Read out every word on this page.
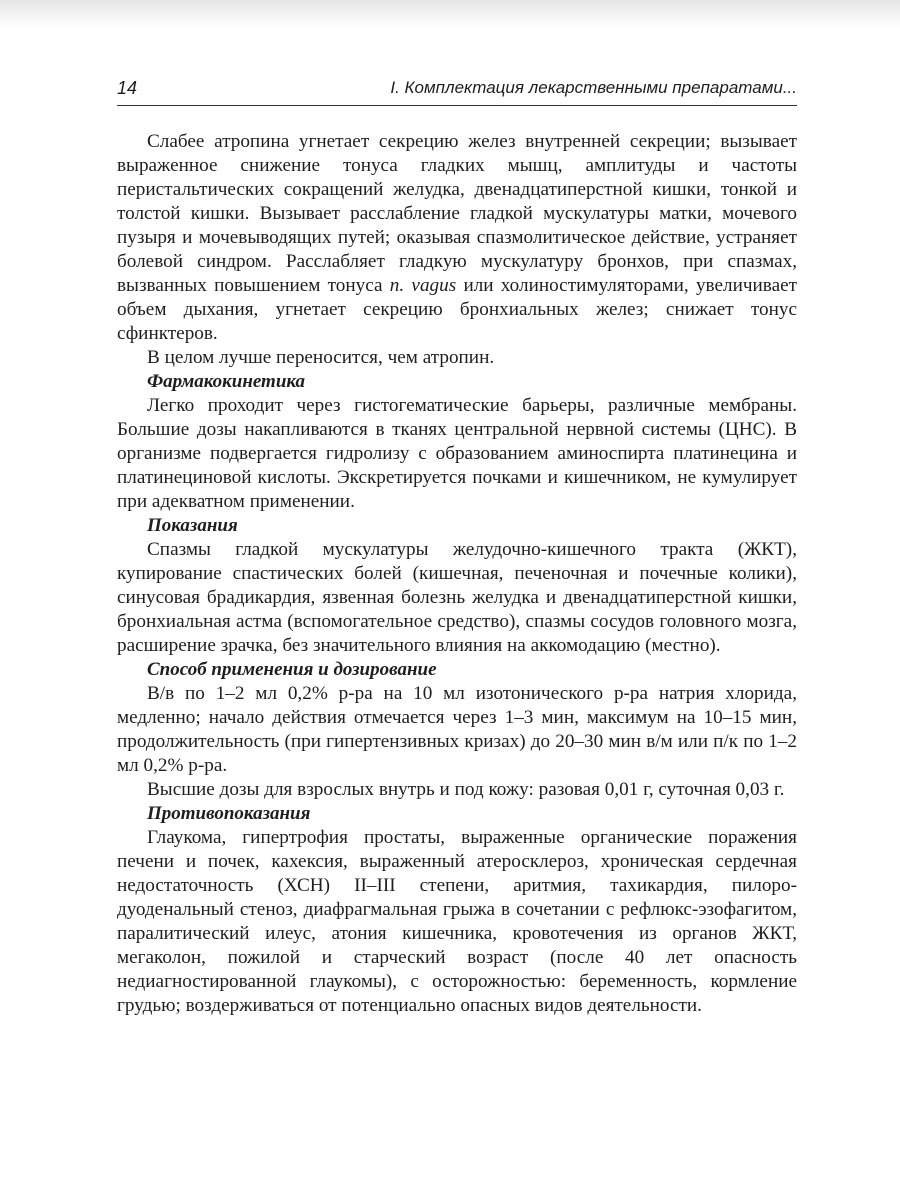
14	I. Комплектация лекарственными препаратами...

Слабее атропина угнетает секрецию желез внутренней секреции; вызывает выраженное снижение тонуса гладких мышц, амплитуды и частоты перистальтических сокращений желудка, двенадцатиперстной кишки, тонкой и толстой кишки. Вызывает расслабление гладкой мускулатуры матки, мочевого пузыря и мочевыводящих путей; оказывая спазмолитическое действие, устраняет болевой синдром. Расслабляет гладкую мускулатуру бронхов, при спазмах, вызванных повышением тонуса n. vagus или холиностимуляторами, увеличивает объем дыхания, угнетает секрецию бронхиальных желез; снижает тонус сфинктеров.

В целом лучше переносится, чем атропин.

Фармакокинетика

Легко проходит через гистогематические барьеры, различные мембраны. Большие дозы накапливаются в тканях центральной нервной системы (ЦНС). В организме подвергается гидролизу с образованием аминоспирта платинецина и платинециновой кислоты. Экскретируется почками и кишечником, не кумулирует при адекватном применении.

Показания

Спазмы гладкой мускулатуры желудочно-кишечного тракта (ЖКТ), купирование спастических болей (кишечная, печеночная и почечные колики), синусовая брадикардия, язвенная болезнь желудка и двенадцатиперстной кишки, бронхиальная астма (вспомогательное средство), спазмы сосудов головного мозга, расширение зрачка, без значительного влияния на аккомодацию (местно).

Способ применения и дозирование

В/в по 1–2 мл 0,2% р-ра на 10 мл изотонического р-ра натрия хлорида, медленно; начало действия отмечается через 1–3 мин, максимум на 10–15 мин, продолжительность (при гипертензивных кризах) до 20–30 мин в/м или п/к по 1–2 мл 0,2% р-ра.

Высшие дозы для взрослых внутрь и под кожу: разовая 0,01 г, суточная 0,03 г.

Противопоказания

Глаукома, гипертрофия простаты, выраженные органические поражения печени и почек, кахексия, выраженный атеросклероз, хроническая сердечная недостаточность (ХСН) II–III степени, аритмия, тахикардия, пилоро-дуоденальный стеноз, диафрагмальная грыжа в сочетании с рефлюкс-эзофагитом, паралитический илеус, атония кишечника, кровотечения из органов ЖКТ, мегаколон, пожилой и старческий возраст (после 40 лет опасность недиагностированной глаукомы), с осторожностью: беременность, кормление грудью; воздерживаться от потенциально опасных видов деятельности.
